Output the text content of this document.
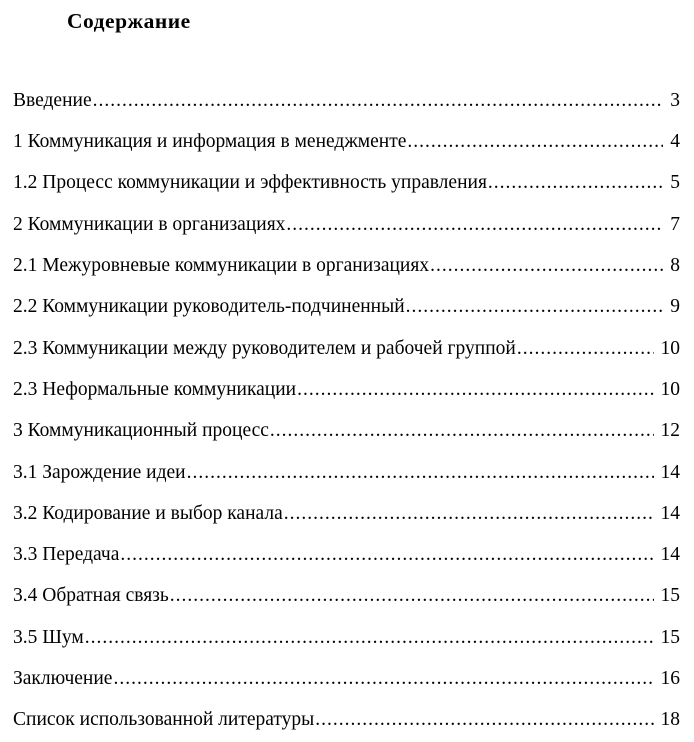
Содержание
Введение .....	3
1 Коммуникация и информация в менеджменте .....	4
1.2 Процесс коммуникации и эффективность управления .....	5
2 Коммуникации в организациях .....	7
2.1 Межуровневые коммуникации в организациях .....	8
2.2 Коммуникации руководитель-подчиненный .....	9
2.3 Коммуникации между руководителем и рабочей группой .....	10
2.3 Неформальные коммуникации .....	10
3 Коммуникационный процесс .....	12
3.1 Зарождение идеи .....	14
3.2 Кодирование и выбор канала .....	14
3.3 Передача .....	14
3.4 Обратная связь .....	15
3.5 Шум .....	15
Заключение .....	16
Список использованной литературы .....	18
